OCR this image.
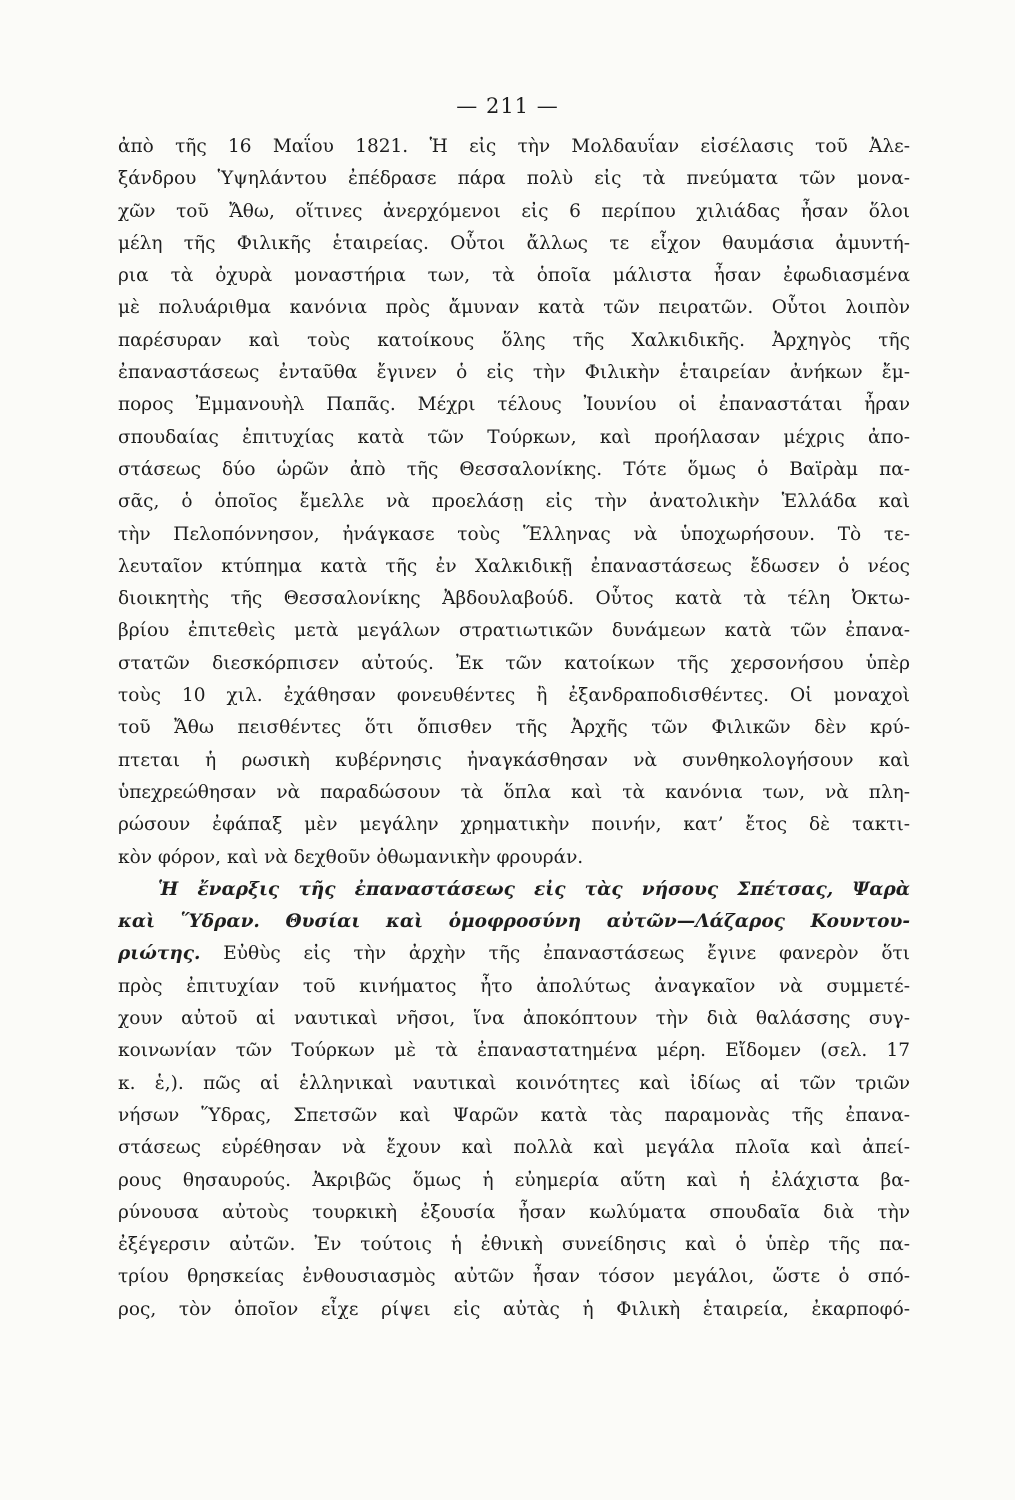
— 211 —
ἀπὸ τῆς 16 Μαΐου 1821. Ἡ εἰς τὴν Μολδαυΐαν εἰσέλασις τοῦ Ἀλε-
ξάνδρου Ὑψηλάντου ἐπέδρασε πάρα πολὺ εἰς τὰ πνεύματα τῶν μονα-
χῶν τοῦ Ἄθω, οἵτινες ἀνερχόμενοι εἰς 6 περίπου χιλιάδας ἦσαν ὅλοι
μέλη τῆς Φιλικῆς ἑταιρείας. Οὗτοι ἄλλως τε εἶχον θαυμάσια ἀμυντή-
ρια τὰ ὀχυρὰ μοναστήρια των, τὰ ὁποῖα μάλιστα ἦσαν ἐφωδιασμένα
μὲ πολυάριθμα κανόνια πρὸς ἄμυναν κατὰ τῶν πειρατῶν. Οὗτοι λοιπὸν
παρέσυραν καὶ τοὺς κατοίκους ὅλης τῆς Χαλκιδικῆς. Ἀρχηγὸς τῆς
ἐπαναστάσεως ἐνταῦθα ἔγινεν ὁ εἰς τὴν Φιλικὴν ἑταιρείαν ἀνήκων ἔμ-
πορος Ἐμμανουὴλ Παπᾶς. Μέχρι τέλους Ἰουνίου οἱ ἐπαναστάται ἦραν
σπουδαίας ἐπιτυχίας κατὰ τῶν Τούρκων, καὶ προήλασαν μέχρις ἀπο-
στάσεως δύο ὡρῶν ἀπὸ τῆς Θεσσαλονίκης. Τότε ὅμως ὁ Βαϊρὰμ πα-
σᾶς, ὁ ὁποῖος ἔμελλε νὰ προελάσῃ εἰς τὴν ἀνατολικὴν Ἑλλάδα καὶ
τὴν Πελοπόννησον, ἠνάγκασε τοὺς Ἕλληνας νὰ ὑποχωρήσουν. Τὸ τε-
λευταῖον κτύπημα κατὰ τῆς ἐν Χαλκιδικῇ ἐπαναστάσεως ἔδωσεν ὁ νέος
διοικητὴς τῆς Θεσσαλονίκης Ἀβδουλαβούδ. Οὗτος κατὰ τὰ τέλη Ὀκτω-
βρίου ἐπιτεθεὶς μετὰ μεγάλων στρατιωτικῶν δυνάμεων κατὰ τῶν ἐπανα-
στατῶν διεσκόρπισεν αὐτούς. Ἐκ τῶν κατοίκων τῆς χερσονήσου ὑπὲρ
τοὺς 10 χιλ. ἐχάθησαν φονευθέντες ἢ ἐξανδραποδισθέντες. Οἱ μοναχοὶ
τοῦ Ἄθω πεισθέντες ὅτι ὄπισθεν τῆς Ἀρχῆς τῶν Φιλικῶν δὲν κρύ-
πτεται ἡ ρωσικὴ κυβέρνησις ἠναγκάσθησαν νὰ συνθηκολογήσουν καὶ
ὑπεχρεώθησαν νὰ παραδώσουν τὰ ὅπλα καὶ τὰ κανόνια των, νὰ πλη-
ρώσουν ἐφάπαξ μὲν μεγάλην χρηματικὴν ποινήν, κατ’ ἔτος δὲ τακτι-
κὸν φόρον, καὶ νὰ δεχθοῦν ὀθωμανικὴν φρουράν.
Ἡ ἔναρξις τῆς ἐπαναστάσεως εἰς τὰς νήσους Σπέτσας, Ψαρὰ
καὶ Ὕδραν. Θυσίαι καὶ ὁμοφροσύνη αὐτῶν—Λάζαρος Κουντου-
ριώτης. Εὐθὺς εἰς τὴν ἀρχὴν τῆς ἐπαναστάσεως ἔγινε φανερὸν ὅτι
πρὸς ἐπιτυχίαν τοῦ κινήματος ἦτο ἀπολύτως ἀναγκαῖον νὰ συμμετέ-
χουν αὐτοῦ αἱ ναυτικαὶ νῆσοι, ἵνα ἀποκόπτουν τὴν διὰ θαλάσσης συγ-
κοινωνίαν τῶν Τούρκων μὲ τὰ ἐπαναστατημένα μέρη. Εἴδομεν (σελ. 17
κ. ἑ,). πῶς αἱ ἑλληνικαὶ ναυτικαὶ κοινότητες καὶ ἰδίως αἱ τῶν τριῶν
νήσων Ὕδρας, Σπετσῶν καὶ Ψαρῶν κατὰ τὰς παραμονὰς τῆς ἐπανα-
στάσεως εὑρέθησαν νὰ ἔχουν καὶ πολλὰ καὶ μεγάλα πλοῖα καὶ ἀπεί-
ρους θησαυρούς. Ἀκριβῶς ὅμως ἡ εὐημερία αὕτη καὶ ἡ ἐλάχιστα βα-
ρύνουσα αὐτοὺς τουρκικὴ ἐξουσία ἦσαν κωλύματα σπουδαῖα διὰ τὴν
ἐξέγερσιν αὐτῶν. Ἐν τούτοις ἡ ἐθνικὴ συνείδησις καὶ ὁ ὑπὲρ τῆς πα-
τρίου θρησκείας ἐνθουσιασμὸς αὐτῶν ἦσαν τόσον μεγάλοι, ὥστε ὁ σπό-
ρος, τὸν ὁποῖον εἶχε ρίψει εἰς αὐτὰς ἡ Φιλικὴ ἑταιρεία, ἐκαρποφό-
